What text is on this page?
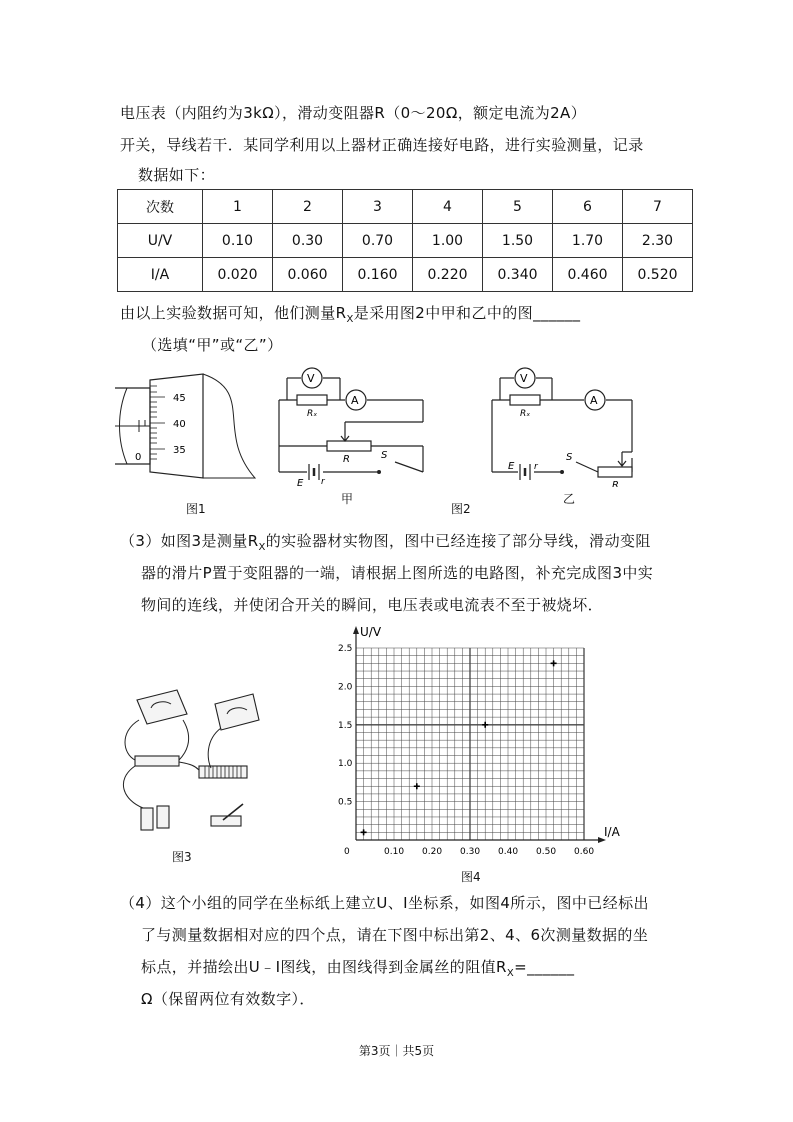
电压表（内阻约为3kΩ），滑动变阻器R（0～20Ω，额定电流为2A）
开关，导线若干．某同学利用以上器材正确连接好电路，进行实验测量，记录
数据如下：
次数	1	2	3	4	5	6	7
U/V	0.10	0.30	0.70	1.00	1.50	1.70	2.30
I/A	0.020	0.060	0.160	0.220	0.340	0.460	0.520
由以上实验数据可知，他们测量$R_X$是采用图2中甲和乙中的图______
（选填“甲”或“乙”）
0
45
40
35
图1
V
Rₓ
A
R
E r
S
甲
图2
V
Rₓ
A
R
E r
S
乙
（3）如图3是测量$R_X$的实验器材实物图，图中已经连接了部分导线，滑动变阻
器的滑片P置于变阻器的一端，请根据上图所选的电路图，补充完成图3中实
物间的连线，并使闭合开关的瞬间，电压表或电流表不至于被烧坏．
图3
U/V
I/A
0	0.10 0.20 0.30 0.40 0.50 0.60
0.5
1.0
1.5
2.0
2.5
图4
（4）这个小组的同学在坐标纸上建立U、I坐标系，如图4所示，图中已经标出
了与测量数据相对应的四个点，请在下图中标出第2、4、6次测量数据的坐
标点，并描绘出U﹣I图线，由图线得到金属丝的阻值$R_X=\_\_\_\_\_\_$
Ω（保留两位有效数字）．
第3页｜共5页
